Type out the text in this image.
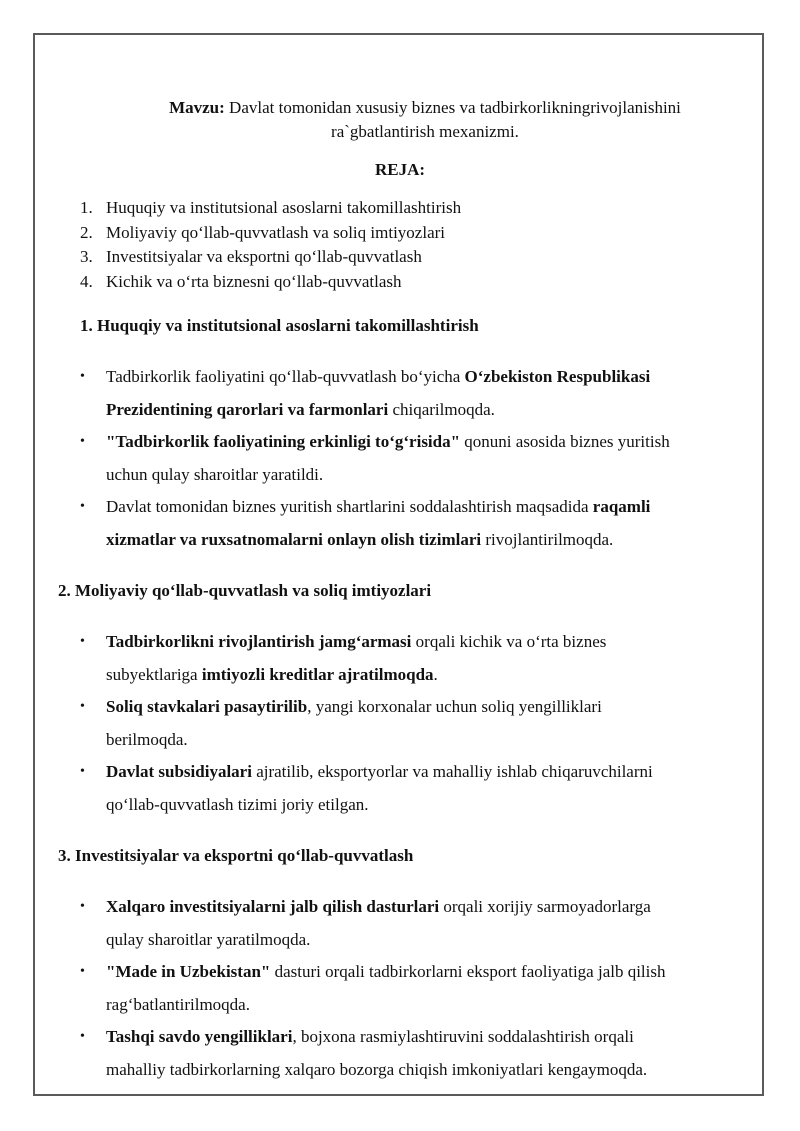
Mavzu: Davlat tomonidan xususiy biznes va tadbirkorlikningrivojlanishini
ra`gbatlantirish mexanizmi.
REJA:
1. Huquqiy va institutsional asoslarni takomillashtirish
2. Moliyaviy qo‘llab-quvvatlash va soliq imtiyozlari
3. Investitsiyalar va eksportni qo‘llab-quvvatlash
4. Kichik va o‘rta biznesni qo‘llab-quvvatlash
1. Huquqiy va institutsional asoslarni takomillashtirish
•	Tadbirkorlik faoliyatini qo‘llab-quvvatlash bo‘yicha O‘zbekiston Respublikasi
Prezidentining qarorlari va farmonlari chiqarilmoqda.
•	"Tadbirkorlik faoliyatining erkinligi to‘g‘risida" qonuni asosida biznes yuritish
uchun qulay sharoitlar yaratildi.
•	Davlat tomonidan biznes yuritish shartlarini soddalashtirish maqsadida raqamli
xizmatlar va ruxsatnomalarni onlayn olish tizimlari rivojlantirilmoqda.
2. Moliyaviy qo‘llab-quvvatlash va soliq imtiyozlari
•	Tadbirkorlikni rivojlantirish jamg‘armasi orqali kichik va o‘rta biznes
subyektlariga imtiyozli kreditlar ajratilmoqda.
•	Soliq stavkalari pasaytirilib, yangi korxonalar uchun soliq yengilliklari
berilmoqda.
•	Davlat subsidiyalari ajratilib, eksportyorlar va mahalliy ishlab chiqaruvchilarni
qo‘llab-quvvatlash tizimi joriy etilgan.
3. Investitsiyalar va eksportni qo‘llab-quvvatlash
•	Xalqaro investitsiyalarni jalb qilish dasturlari orqali xorijiy sarmoyadorlarga
qulay sharoitlar yaratilmoqda.
•	"Made in Uzbekistan" dasturi orqali tadbirkorlarni eksport faoliyatiga jalb qilish
rag‘batlantirilmoqda.
•	Tashqi savdo yengilliklari, bojxona rasmiylashtiruvini soddalashtirish orqali
mahalliy tadbirkorlarning xalqaro bozorga chiqish imkoniyatlari kengaymoqda.
